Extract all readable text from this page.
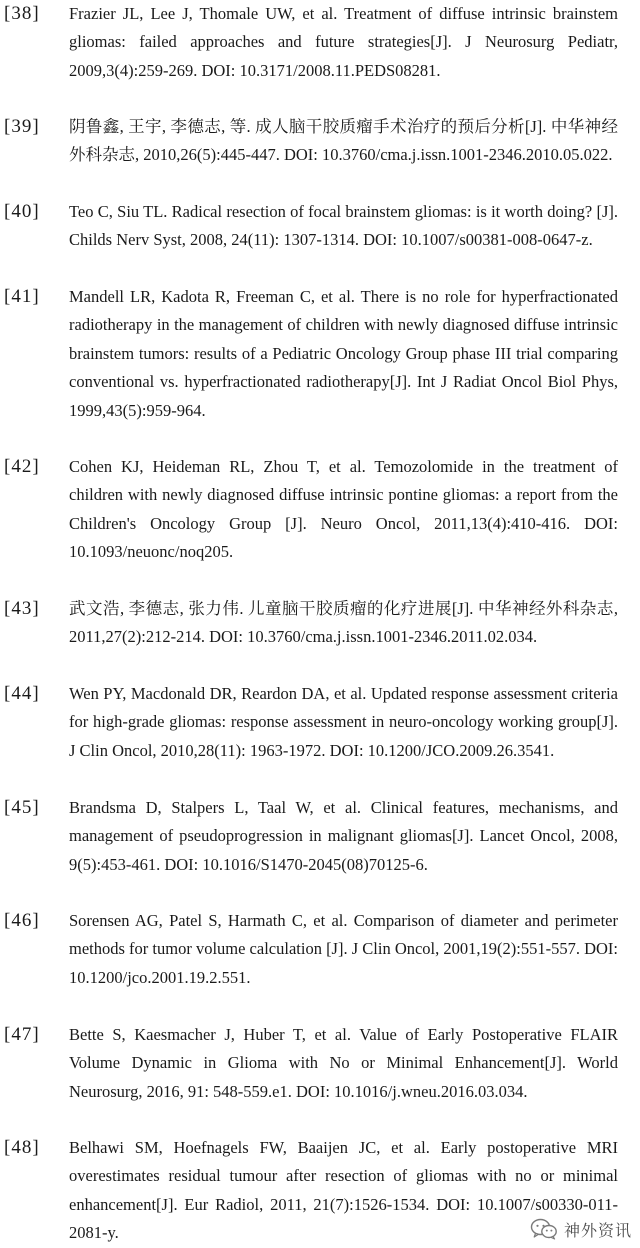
[38]	Frazier JL, Lee J, Thomale UW, et al. Treatment of diffuse intrinsic brainstem gliomas: failed approaches and future strategies[J]. J Neurosurg Pediatr, 2009,3(4):259-269. DOI: 10.3171/2008.11.PEDS08281.
[39]	阴鲁鑫, 王宇, 李德志, 等. 成人脑干胶质瘤手术治疗的预后分析[J]. 中华神经外科杂志, 2010,26(5):445-447. DOI: 10.3760/cma.j.issn.1001-2346.2010.05.022.
[40]	Teo C, Siu TL. Radical resection of focal brainstem gliomas: is it worth doing? [J]. Childs Nerv Syst, 2008, 24(11): 1307-1314. DOI: 10.1007/s00381-008-0647-z.
[41]	Mandell LR, Kadota R, Freeman C, et al. There is no role for hyperfractionated radiotherapy in the management of children with newly diagnosed diffuse intrinsic brainstem tumors: results of a Pediatric Oncology Group phase III trial comparing conventional vs. hyperfractionated radiotherapy[J]. Int J Radiat Oncol Biol Phys, 1999,43(5):959-964.
[42]	Cohen KJ, Heideman RL, Zhou T, et al. Temozolomide in the treatment of children with newly diagnosed diffuse intrinsic pontine gliomas: a report from the Children's Oncology Group [J]. Neuro Oncol, 2011,13(4):410-416. DOI: 10.1093/neuonc/noq205.
[43]	武文浩, 李德志, 张力伟. 儿童脑干胶质瘤的化疗进展[J]. 中华神经外科杂志, 2011,27(2):212-214. DOI: 10.3760/cma.j.issn.1001-2346.2011.02.034.
[44]	Wen PY, Macdonald DR, Reardon DA, et al. Updated response assessment criteria for high-grade gliomas: response assessment in neuro-oncology working group[J]. J Clin Oncol, 2010,28(11): 1963-1972. DOI: 10.1200/JCO.2009.26.3541.
[45]	Brandsma D, Stalpers L, Taal W, et al. Clinical features, mechanisms, and management of pseudoprogression in malignant gliomas[J]. Lancet Oncol, 2008, 9(5):453-461. DOI: 10.1016/S1470-2045(08)70125-6.
[46]	Sorensen AG, Patel S, Harmath C, et al. Comparison of diameter and perimeter methods for tumor volume calculation [J]. J Clin Oncol, 2001,19(2):551-557. DOI: 10.1200/jco.2001.19.2.551.
[47]	Bette S, Kaesmacher J, Huber T, et al. Value of Early Postoperative FLAIR Volume Dynamic in Glioma with No or Minimal Enhancement[J]. World Neurosurg, 2016, 91: 548-559.e1. DOI: 10.1016/j.wneu.2016.03.034.
[48]	Belhawi SM, Hoefnagels FW, Baaijen JC, et al. Early postoperative MRI overestimates residual tumour after resection of gliomas with no or minimal enhancement[J]. Eur Radiol, 2011, 21(7):1526-1534. DOI: 10.1007/s00330-011-2081-y.	神外资讯
